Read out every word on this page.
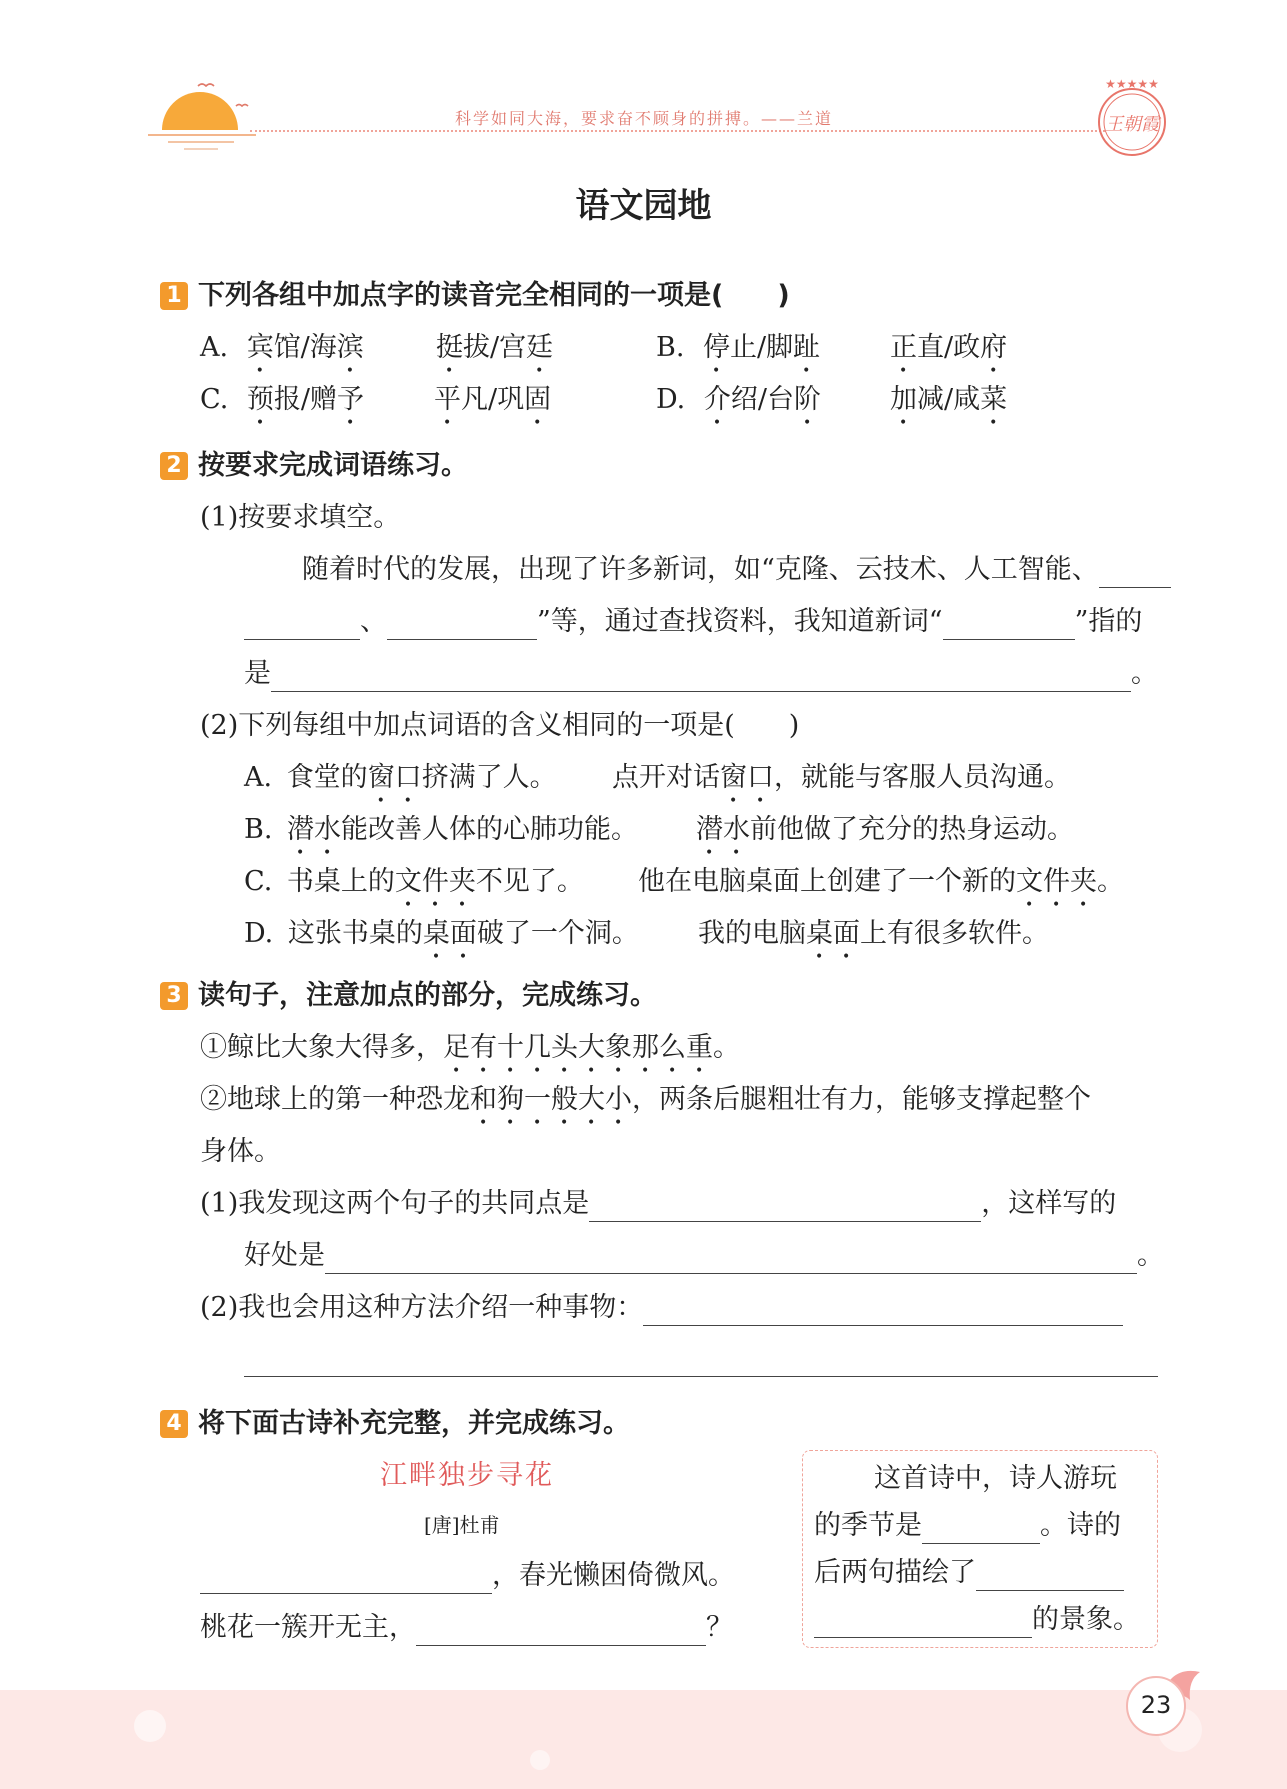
科学如同大海，要求奋不顾身的拼搏。——兰道
★★★★★
王朝霞
语文园地
1 下列各组中加点字的读音完全相同的一项是(　　)
A. 宾馆/海滨	挺拔/宫廷	B. 停止/脚趾	正直/政府
C. 预报/赠予	平凡/巩固	D. 介绍/台阶	加减/咸菜
2 按要求完成词语练习。
(1)按要求填空。
随着时代的发展，出现了许多新词，如“克隆、云技术、人工智能、
、	”等，通过查找资料，我知道新词“	”指的
是	。
(2)下列每组中加点词语的含义相同的一项是(　　)
A. 食堂的窗口挤满了人。 点开对话窗口，就能与客服人员沟通。
B. 潜水能改善人体的心肺功能。 潜水前他做了充分的热身运动。
C. 书桌上的文件夹不见了。 他在电脑桌面上创建了一个新的文件夹。
D. 这张书桌的桌面破了一个洞。 我的电脑桌面上有很多软件。
3 读句子，注意加点的部分，完成练习。
①鲸比大象大得多，足有十几头大象那么重。
②地球上的第一种恐龙和狗一般大小，两条后腿粗壮有力，能够支撑起整个
身体。
(1)我发现这两个句子的共同点是	，这样写的
好处是	。
(2)我也会用这种方法介绍一种事物：
4 将下面古诗补充完整，并完成练习。
江畔独步寻花
[唐]杜甫
，春光懒困倚微风。
桃花一簇开无主，	？
这首诗中，诗人游玩
的季节是	。诗的
后两句描绘了
的景象。
23
